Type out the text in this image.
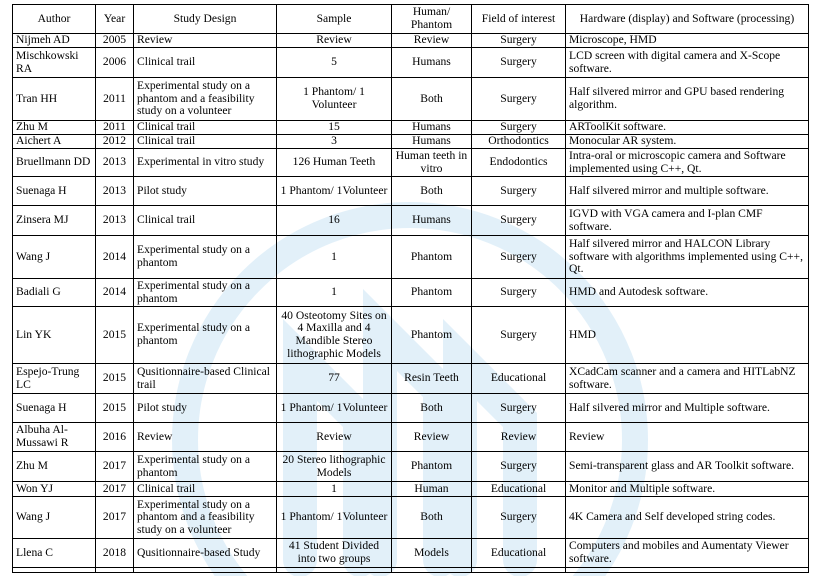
Author	Year	Study Design	Sample	Human/ Phantom	Field of interest	Hardware (display) and Software (processing)
Nijmeh AD	2005	Review	Review	Review	Surgery	Microscope, HMD
Mischkowski RA	2006	Clinical trail	5	Humans	Surgery	LCD screen with digital camera and X-Scope software.
Tran HH	2011	Experimental study on a phantom and a feasibility study on a volunteer	1 Phantom/ 1 Volunteer	Both	Surgery	Half silvered mirror and GPU based rendering algorithm.
Zhu M	2011	Clinical trail	15	Humans	Surgery	ARToolKit software.
Aichert A	2012	Clinical trail	3	Humans	Orthodontics	Monocular AR system.
Bruellmann DD	2013	Experimental in vitro study	126 Human Teeth	Human teeth in vitro	Endodontics	Intra-oral or microscopic camera and Software implemented using C++, Qt.
Suenaga H	2013	Pilot study	1 Phantom/ 1Volunteer	Both	Surgery	Half silvered mirror and multiple software.
Zinsera MJ	2013	Clinical trail	16	Humans	Surgery	IGVD with VGA camera and I-plan CMF software.
Wang J	2014	Experimental study on a phantom	1	Phantom	Surgery	Half silvered mirror and HALCON Library software with algorithms implemented using C++, Qt.
Badiali G	2014	Experimental study on a phantom	1	Phantom	Surgery	HMD and Autodesk software.
Lin YK	2015	Experimental study on a phantom	40 Osteotomy Sites on 4 Maxilla and 4 Mandible Stereo lithographic Models	Phantom	Surgery	HMD
Espejo-Trung LC	2015	Qusitionnaire-based Clinical trail	77	Resin Teeth	Educational	XCadCam scanner and a camera and HITLabNZ software.
Suenaga H	2015	Pilot study	1 Phantom/ 1Volunteer	Both	Surgery	Half silvered mirror and Multiple software.
Albuha Al-Mussawi R	2016	Review	Review	Review	Review	Review
Zhu M	2017	Experimental study on a phantom	20 Stereo lithographic Models	Phantom	Surgery	Semi-transparent glass and AR Toolkit software.
Won YJ	2017	Clinical trail	1	Human	Educational	Monitor and Multiple software.
Wang J	2017	Experimental study on a phantom and a feasibility study on a volunteer	1 Phantom/ 1Volunteer	Both	Surgery	4K Camera and Self developed string codes.
Llena C	2018	Qusitionnaire-based Study	41 Student Divided into two groups	Models	Educational	Computers and mobiles and Aumentaty Viewer software.
